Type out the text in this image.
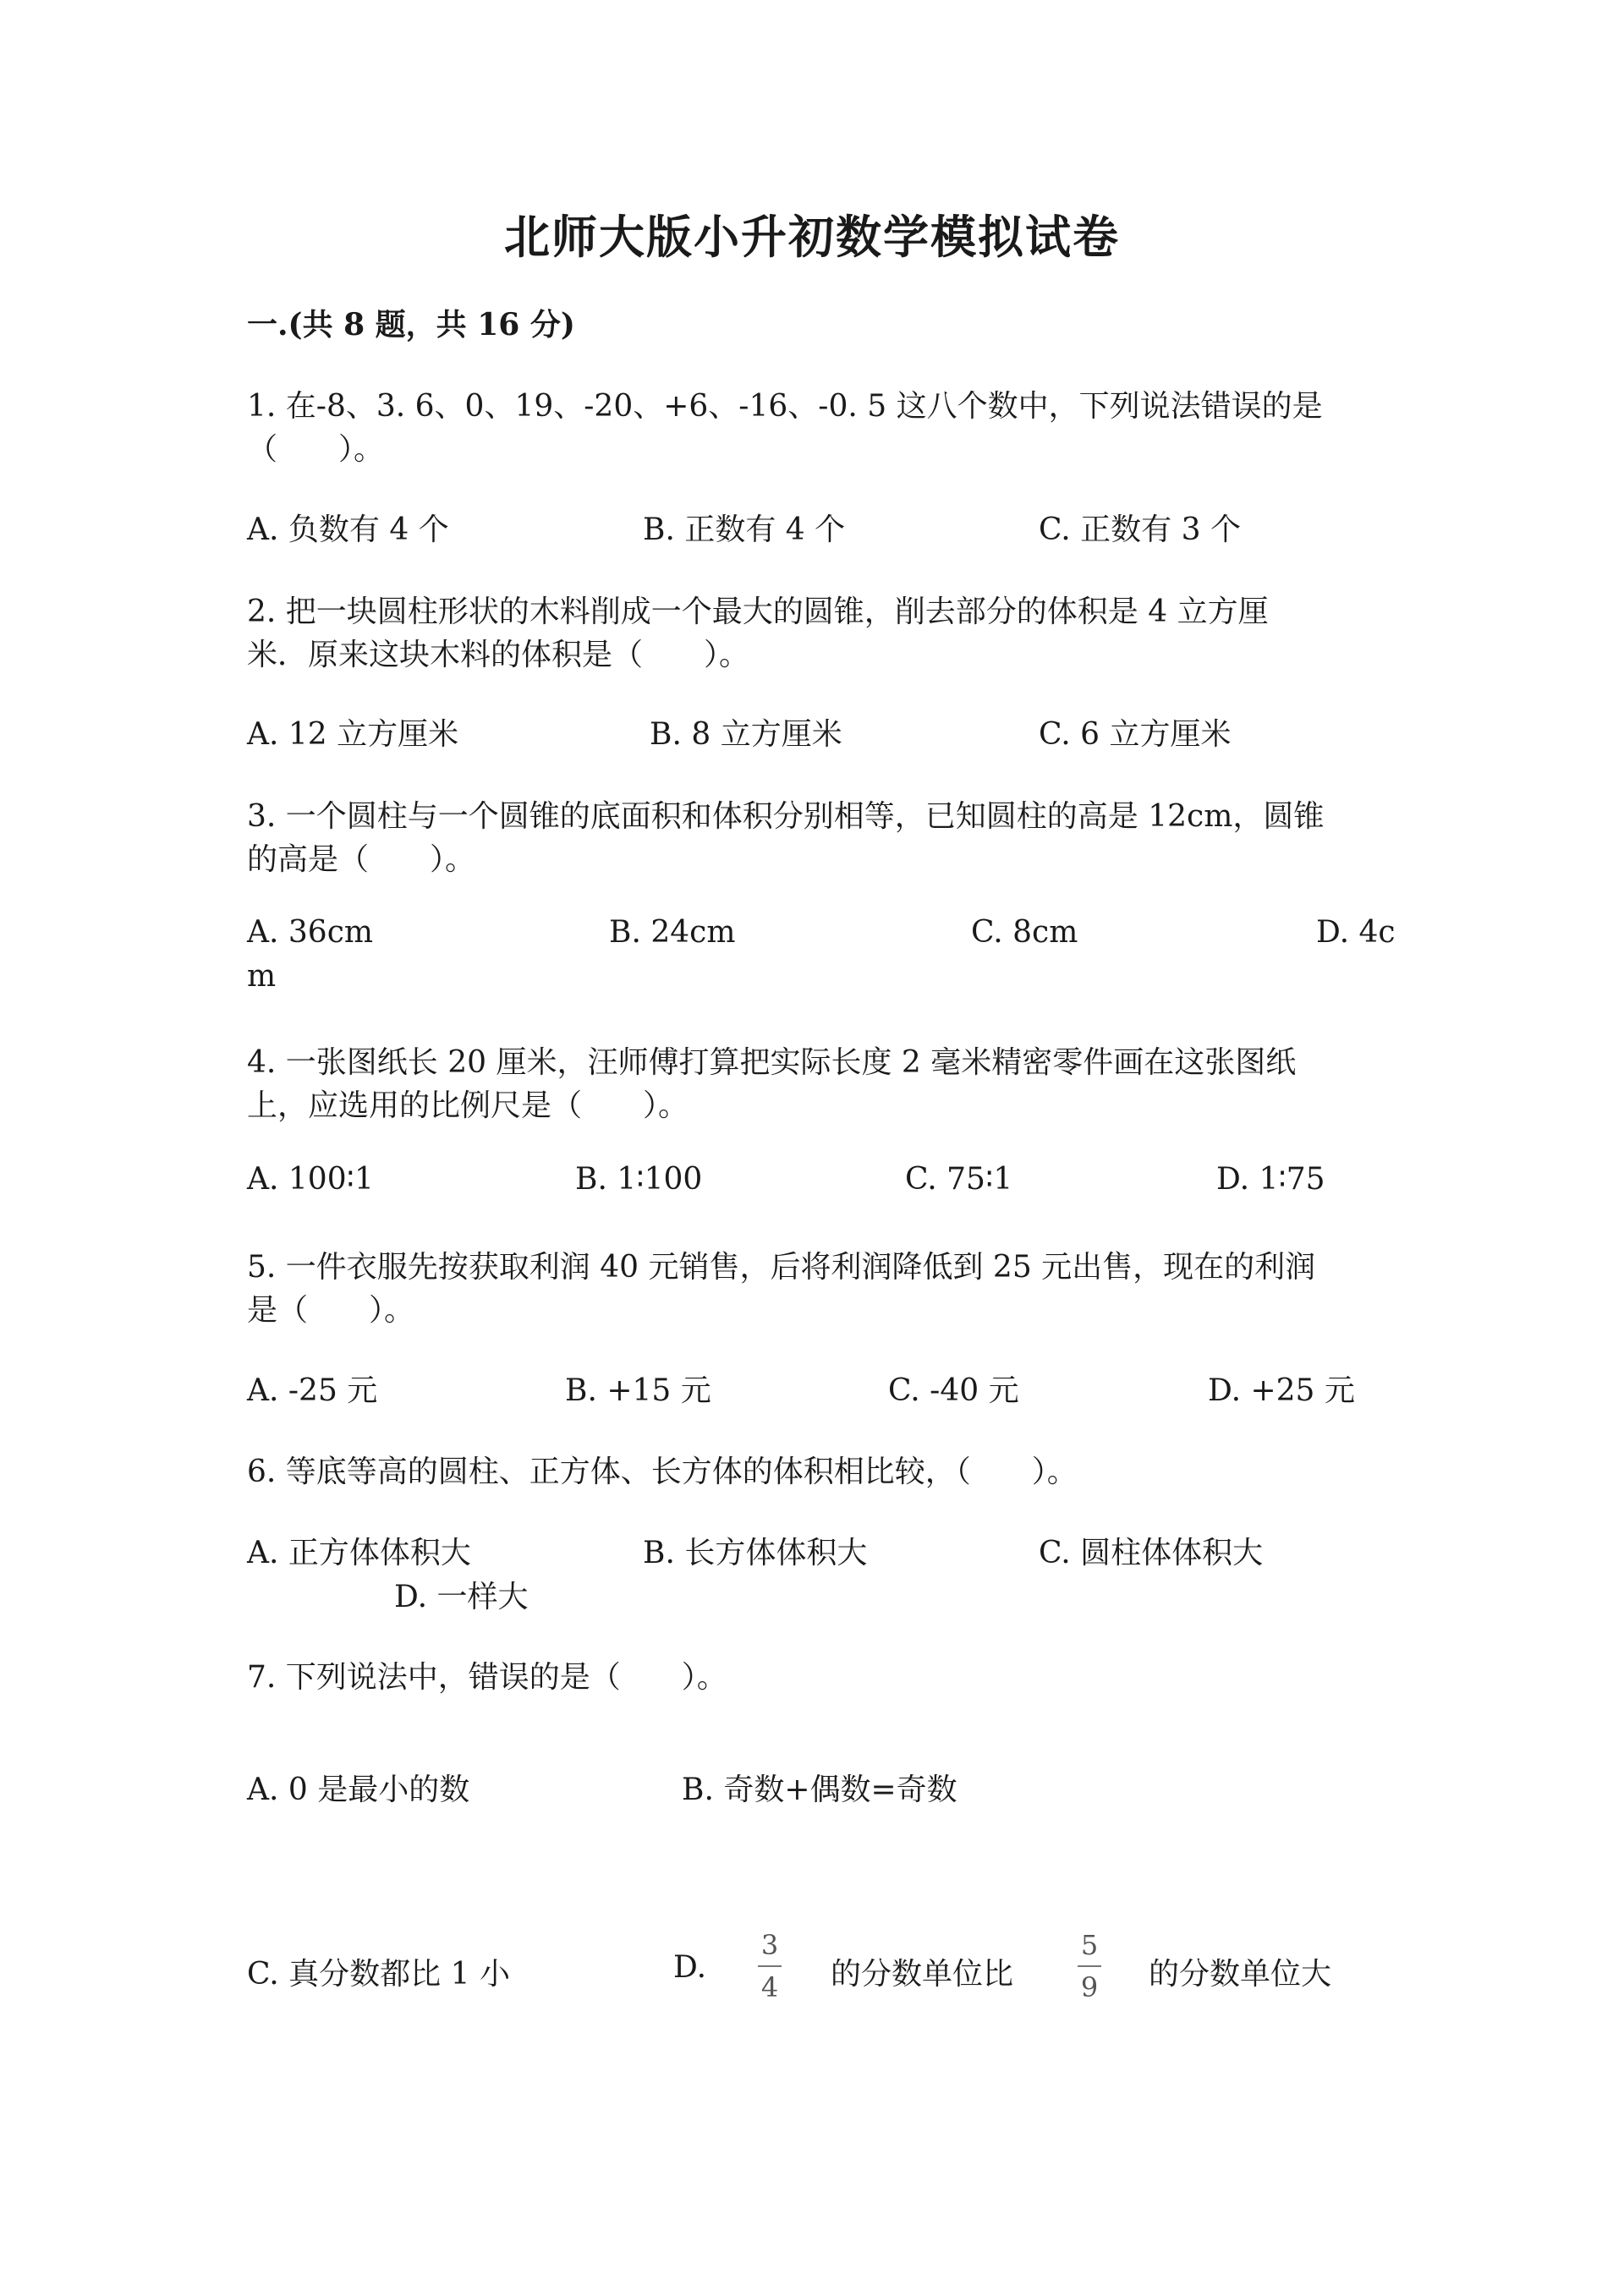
北师大版小升初数学模拟试卷
一.(共 8 题，共 16 分)
1. 在-8、3. 6、0、19、-20、+6、-16、-0. 5 这八个数中，下列说法错误的是
（　　）。
A. 负数有 4 个	B. 正数有 4 个	C. 正数有 3 个
2. 把一块圆柱形状的木料削成一个最大的圆锥，削去部分的体积是 4 立方厘
米．原来这块木料的体积是（　　）。
A. 12 立方厘米	B. 8 立方厘米	C. 6 立方厘米
3. 一个圆柱与一个圆锥的底面积和体积分别相等，已知圆柱的高是 12cm，圆锥
的高是（　　）。
A. 36cm	B. 24cm	C. 8cm	D. 4c
m
4. 一张图纸长 20 厘米，汪师傅打算把实际长度 2 毫米精密零件画在这张图纸
上，应选用的比例尺是（　　）。
A. 100∶1	B. 1∶100	C. 75∶1	D. 1∶75
5. 一件衣服先按获取利润 40 元销售，后将利润降低到 25 元出售，现在的利润
是（　　）。
A. -25 元	B. +15 元	C. -40 元	D. +25 元
6. 等底等高的圆柱、正方体、长方体的体积相比较，（　　）。
A. 正方体体积大	B. 长方体体积大	C. 圆柱体体积大
D. 一样大
7. 下列说法中，错误的是（　　）。
A. 0 是最小的数	B. 奇数+偶数=奇数
C. 真分数都比 1 小	D.
3
4 的分数单位比
5
9 的分数单位大
